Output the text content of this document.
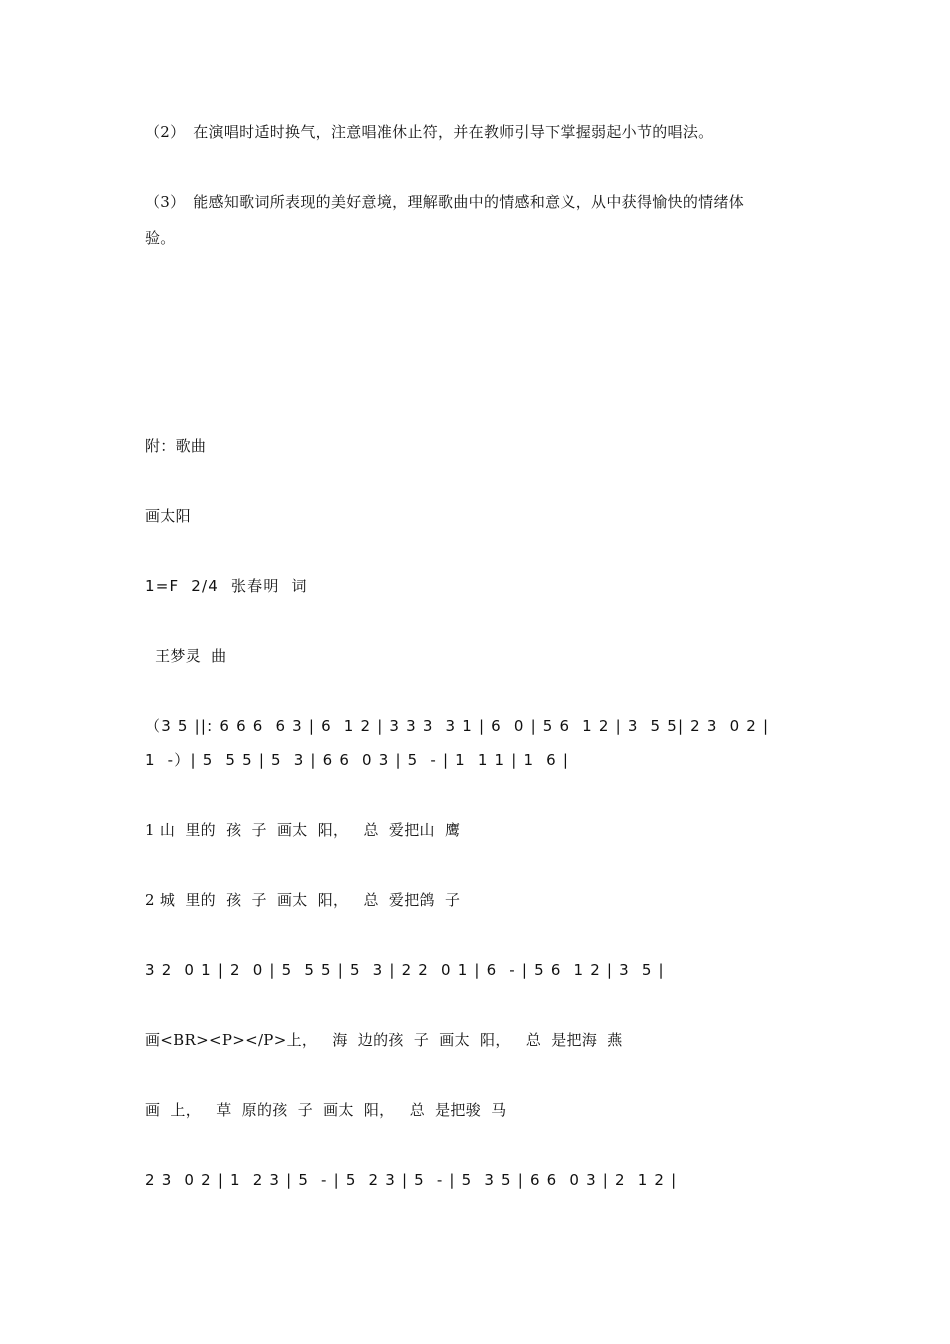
（2）　在演唱时适时换气，注意唱准休止符，并在教师引导下掌握弱起小节的唱法。
（3）　能感知歌词所表现的美好意境，理解歌曲中的情感和意义，从中获得愉快的情绪体
验。
附：歌曲
画太阳
1=F  2/4  张春明  词
王梦灵  曲
（3 5 ||: 6 6 6  6 3 | 6  1 2 | 3 3 3  3 1 | 6  0 | 5 6  1 2 | 3  5 5| 2 3  0 2 |
1  -）| 5  5 5 | 5  3 | 6 6  0 3 | 5  - | 1  1 1 | 1  6 |
1 山  里的  孩  子  画太  阳，   总  爱把山  鹰
2 城  里的  孩  子  画太  阳，   总  爱把鸽  子
3 2  0 1 | 2  0 | 5  5 5 | 5  3 | 2 2  0 1 | 6  - | 5 6  1 2 | 3  5 |
画<BR><P></P>上，   海  边的孩  子  画太  阳，   总  是把海  燕
画  上，   草  原的孩  子  画太  阳，   总  是把骏  马
2 3  0 2 | 1  2 3 | 5  - | 5  2 3 | 5  - | 5  3 5 | 6 6  0 3 | 2  1 2 |
